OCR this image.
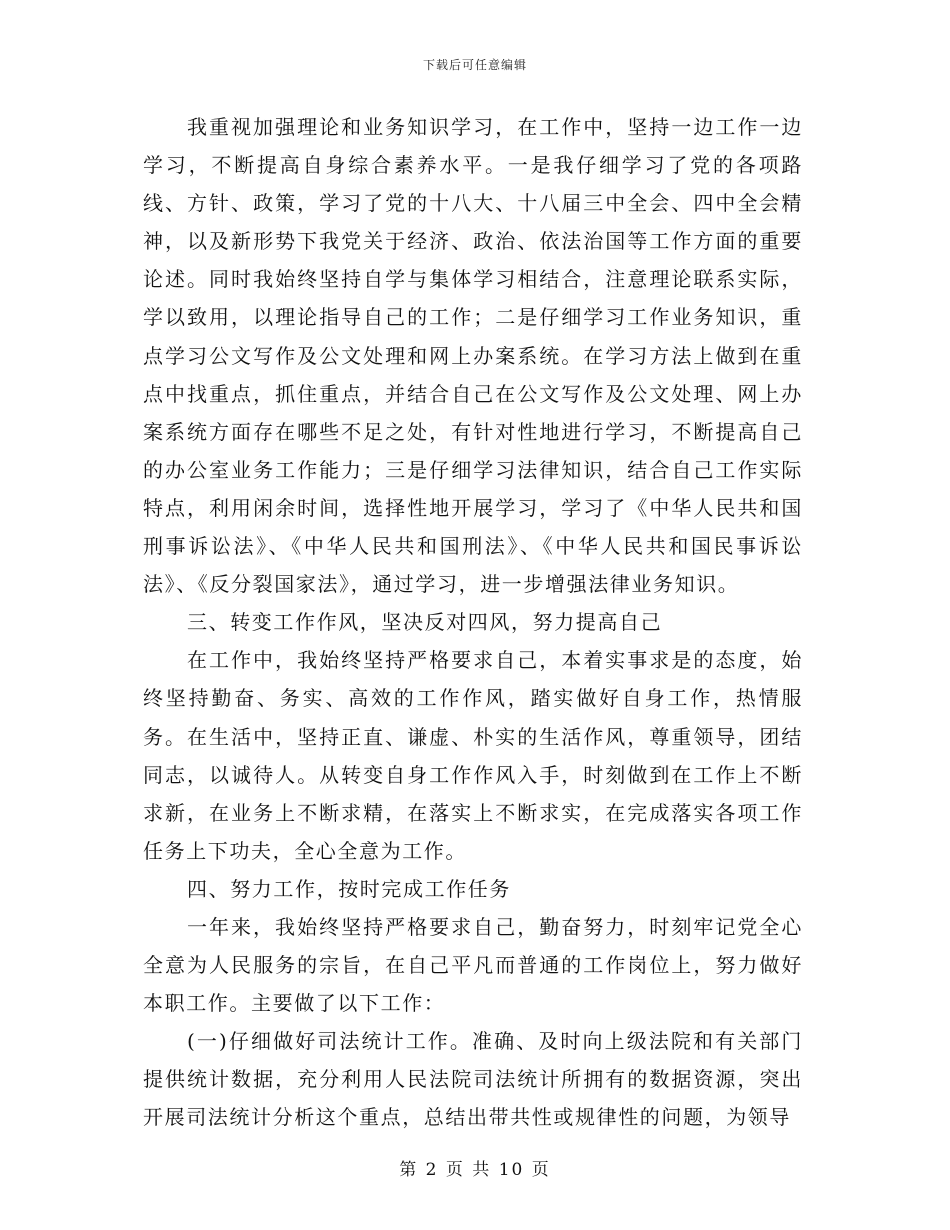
下载后可任意编辑

我重视加强理论和业务知识学习，在工作中，坚持一边工作一边学习，不断提高自身综合素养水平。一是我仔细学习了党的各项路线、方针、政策，学习了党的十八大、十八届三中全会、四中全会精神，以及新形势下我党关于经济、政治、依法治国等工作方面的重要论述。同时我始终坚持自学与集体学习相结合，注意理论联系实际，学以致用，以理论指导自己的工作；二是仔细学习工作业务知识，重点学习公文写作及公文处理和网上办案系统。在学习方法上做到在重点中找重点，抓住重点，并结合自己在公文写作及公文处理、网上办案系统方面存在哪些不足之处，有针对性地进行学习，不断提高自己的办公室业务工作能力；三是仔细学习法律知识，结合自己工作实际特点，利用闲余时间，选择性地开展学习，学习了《中华人民共和国刑事诉讼法》、《中华人民共和国刑法》、《中华人民共和国民事诉讼法》、《反分裂国家法》，通过学习，进一步增强法律业务知识。

三、转变工作作风，坚决反对四风，努力提高自己

在工作中，我始终坚持严格要求自己，本着实事求是的态度，始终坚持勤奋、务实、高效的工作作风，踏实做好自身工作，热情服务。在生活中，坚持正直、谦虚、朴实的生活作风，尊重领导，团结同志，以诚待人。从转变自身工作作风入手，时刻做到在工作上不断求新，在业务上不断求精，在落实上不断求实，在完成落实各项工作任务上下功夫，全心全意为工作。

四、努力工作，按时完成工作任务

一年来，我始终坚持严格要求自己，勤奋努力，时刻牢记党全心全意为人民服务的宗旨，在自己平凡而普通的工作岗位上，努力做好本职工作。主要做了以下工作：

(一)仔细做好司法统计工作。准确、及时向上级法院和有关部门提供统计数据，充分利用人民法院司法统计所拥有的数据资源，突出开展司法统计分析这个重点，总结出带共性或规律性的问题，为领导

第 2 页 共 10 页
